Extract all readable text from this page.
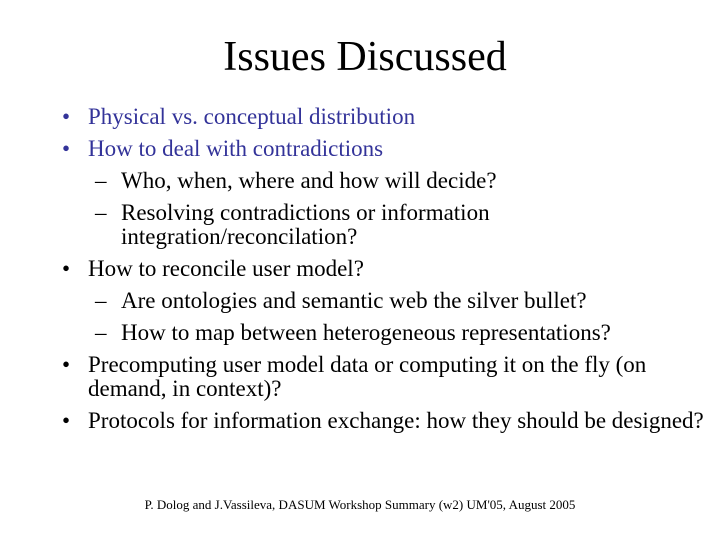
Issues Discussed
• Physical vs. conceptual distribution
• How to deal with contradictions
– Who, when, where and how will decide?
– Resolving contradictions or information integration/reconcilation?
• How to reconcile user model?
– Are ontologies and semantic web the silver bullet?
– How to map between heterogeneous representations?
• Precomputing user model data or computing it on the fly (on demand, in context)?
• Protocols for information exchange: how they should be designed?
P. Dolog and J.Vassileva, DASUM Workshop Summary (w2) UM'05, August 2005
